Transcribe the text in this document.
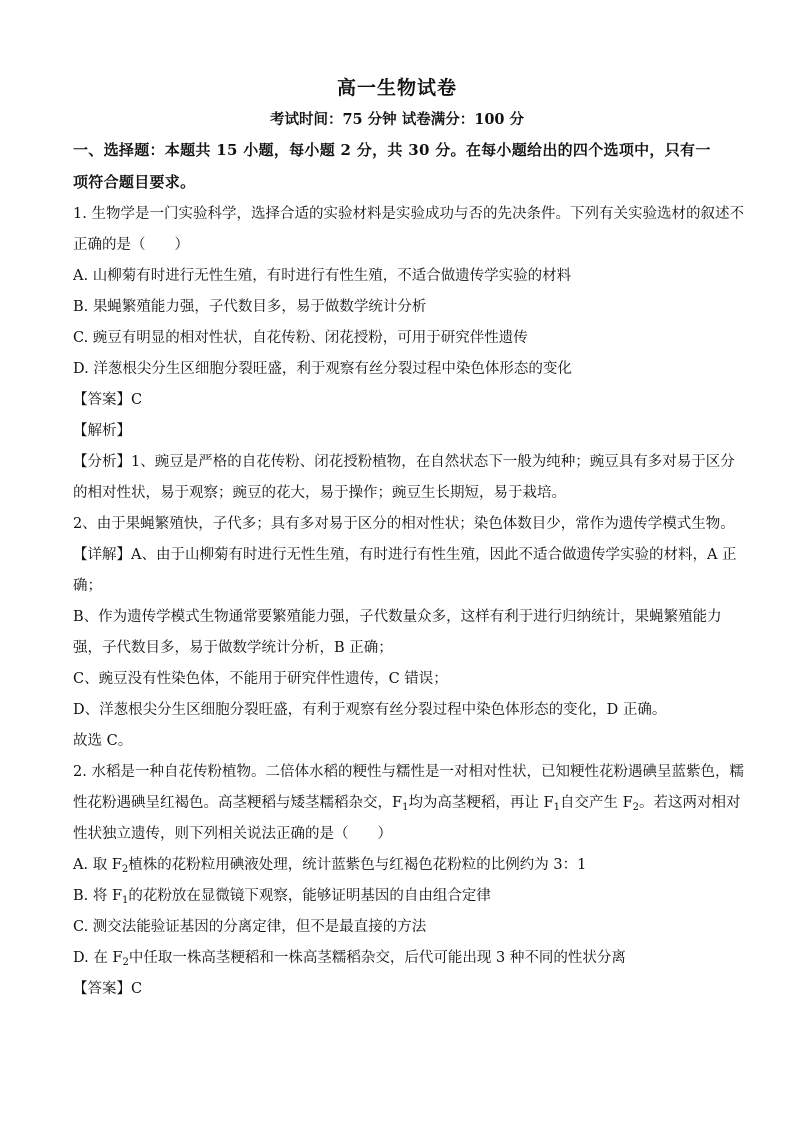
高一生物试卷
考试时间：75 分钟 试卷满分：100 分
一、选择题：本题共 15 小题，每小题 2 分，共 30 分。在每小题给出的四个选项中，只有一
项符合题目要求。
1. 生物学是一门实验科学，选择合适的实验材料是实验成功与否的先决条件。下列有关实验选材的叙述不
正确的是（　　）
A. 山柳菊有时进行无性生殖，有时进行有性生殖，不适合做遗传学实验的材料
B. 果蝇繁殖能力强，子代数目多，易于做数学统计分析
C. 豌豆有明显的相对性状，自花传粉、闭花授粉，可用于研究伴性遗传
D. 洋葱根尖分生区细胞分裂旺盛，利于观察有丝分裂过程中染色体形态的变化
【答案】C
【解析】
【分析】1、豌豆是严格的自花传粉、闭花授粉植物，在自然状态下一般为纯种；豌豆具有多对易于区分
的相对性状，易于观察；豌豆的花大，易于操作；豌豆生长期短，易于栽培。
2、由于果蝇繁殖快，子代多；具有多对易于区分的相对性状；染色体数目少，常作为遗传学模式生物。
【详解】A、由于山柳菊有时进行无性生殖，有时进行有性生殖，因此不适合做遗传学实验的材料，A 正
确；
B、作为遗传学模式生物通常要繁殖能力强，子代数量众多，这样有利于进行归纳统计，果蝇繁殖能力
强，子代数目多，易于做数学统计分析，B 正确；
C、豌豆没有性染色体，不能用于研究伴性遗传，C 错误；
D、洋葱根尖分生区细胞分裂旺盛，有利于观察有丝分裂过程中染色体形态的变化，D 正确。
故选 C。
2. 水稻是一种自花传粉植物。二倍体水稻的粳性与糯性是一对相对性状，已知粳性花粉遇碘呈蓝紫色，糯
性花粉遇碘呈红褐色。高茎粳稻与矮茎糯稻杂交，$F_1$均为高茎粳稻，再让 $F_1$自交产生 $F_2$。若这两对相对
性状独立遗传，则下列相关说法正确的是（　　）
A. 取 $F_2$植株的花粉粒用碘液处理，统计蓝紫色与红褐色花粉粒的比例约为 3：1
B. 将 $F_1$的花粉放在显微镜下观察，能够证明基因的自由组合定律
C. 测交法能验证基因的分离定律，但不是最直接的方法
D. 在 $F_2$中任取一株高茎粳稻和一株高茎糯稻杂交，后代可能出现 3 种不同的性状分离
【答案】C
